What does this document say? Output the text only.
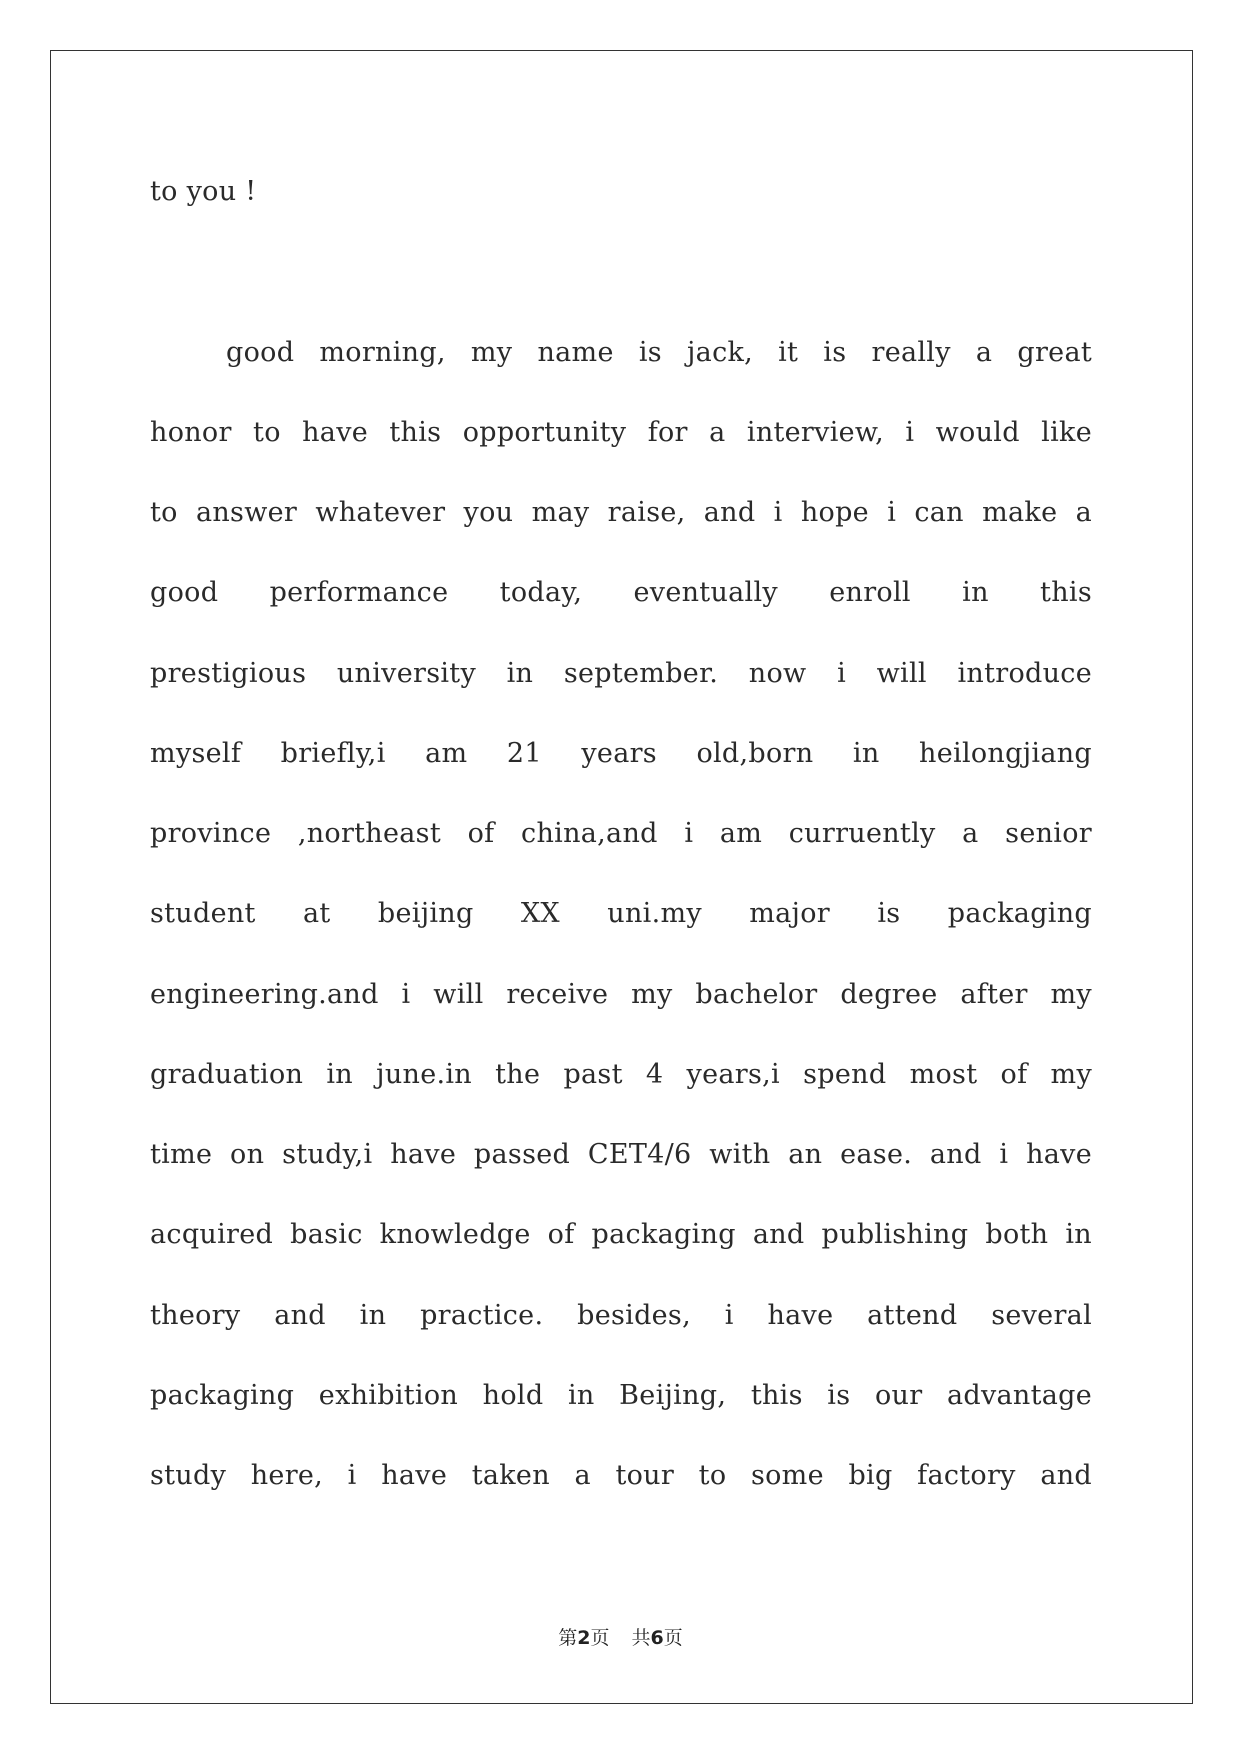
to you !
good morning, my name is jack, it is really a great
honor to have this opportunity for a interview, i would like
to answer whatever you may raise, and i hope i can make a
good performance today, eventually enroll in this
prestigious university in september. now i will introduce
myself briefly,i am 21 years old,born in heilongjiang
province ,northeast of china,and i am curruently a senior
student at beijing XX uni.my major is packaging
engineering.and i will receive my bachelor degree after my
graduation in june.in the past 4 years,i spend most of my
time on study,i have passed CET4/6 with an ease. and i have
acquired basic knowledge of packaging and publishing both in
theory and in practice. besides, i have attend several
packaging exhibition hold in Beijing, this is our advantage
study here, i have taken a tour to some big factory and
第2页 共6页
